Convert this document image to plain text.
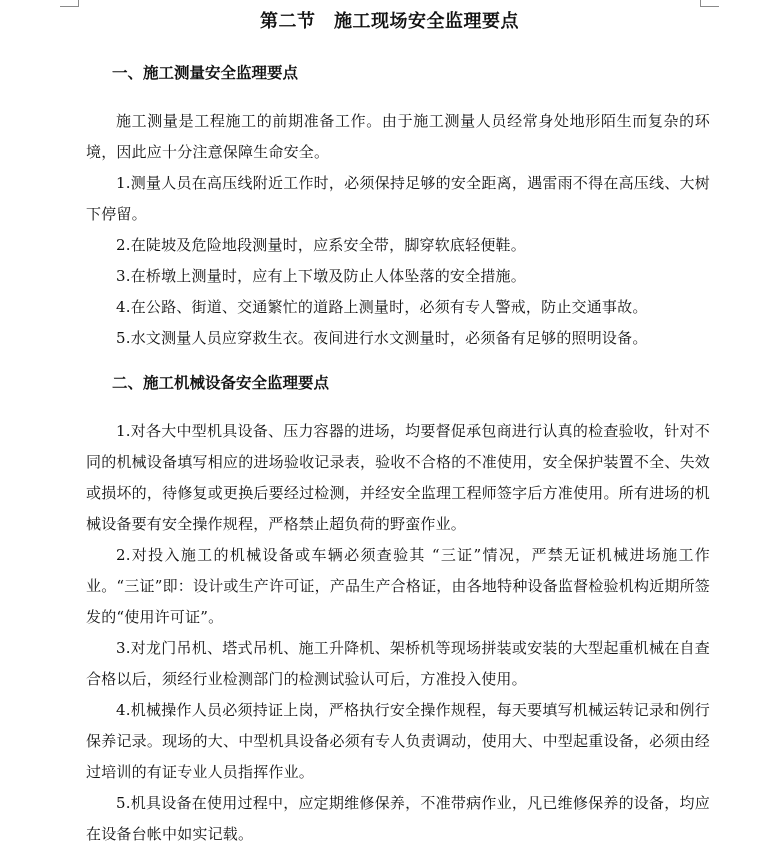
第二节　施工现场安全监理要点
一、施工测量安全监理要点

施工测量是工程施工的前期准备工作。由于施工测量人员经常身处地形陌生而复杂的环境，因此应十分注意保障生命安全。

1.测量人员在高压线附近工作时，必须保持足够的安全距离，遇雷雨不得在高压线、大树下停留。

2.在陡坡及危险地段测量时，应系安全带，脚穿软底轻便鞋。

3.在桥墩上测量时，应有上下墩及防止人体坠落的安全措施。

4.在公路、街道、交通繁忙的道路上测量时，必须有专人警戒，防止交通事故。

5.水文测量人员应穿救生衣。夜间进行水文测量时，必须备有足够的照明设备。

二、施工机械设备安全监理要点

1.对各大中型机具设备、压力容器的进场，均要督促承包商进行认真的检查验收，针对不同的机械设备填写相应的进场验收记录表，验收不合格的不准使用，安全保护装置不全、失效或损坏的，待修复或更换后要经过检测，并经安全监理工程师签字后方准使用。所有进场的机械设备要有安全操作规程，严格禁止超负荷的野蛮作业。

2.对投入施工的机械设备或车辆必须查验其 “三证”情况，严禁无证机械进场施工作业。“三证”即：设计或生产许可证，产品生产合格证，由各地特种设备监督检验机构近期所签发的“使用许可证”。

3.对龙门吊机、塔式吊机、施工升降机、架桥机等现场拼装或安装的大型起重机械在自查合格以后，须经行业检测部门的检测试验认可后，方准投入使用。

4.机械操作人员必须持证上岗，严格执行安全操作规程，每天要填写机械运转记录和例行保养记录。现场的大、中型机具设备必须有专人负责调动，使用大、中型起重设备，必须由经过培训的有证专业人员指挥作业。

5.机具设备在使用过程中，应定期维修保养，不准带病作业，凡已维修保养的设备，均应在设备台帐中如实记载。
